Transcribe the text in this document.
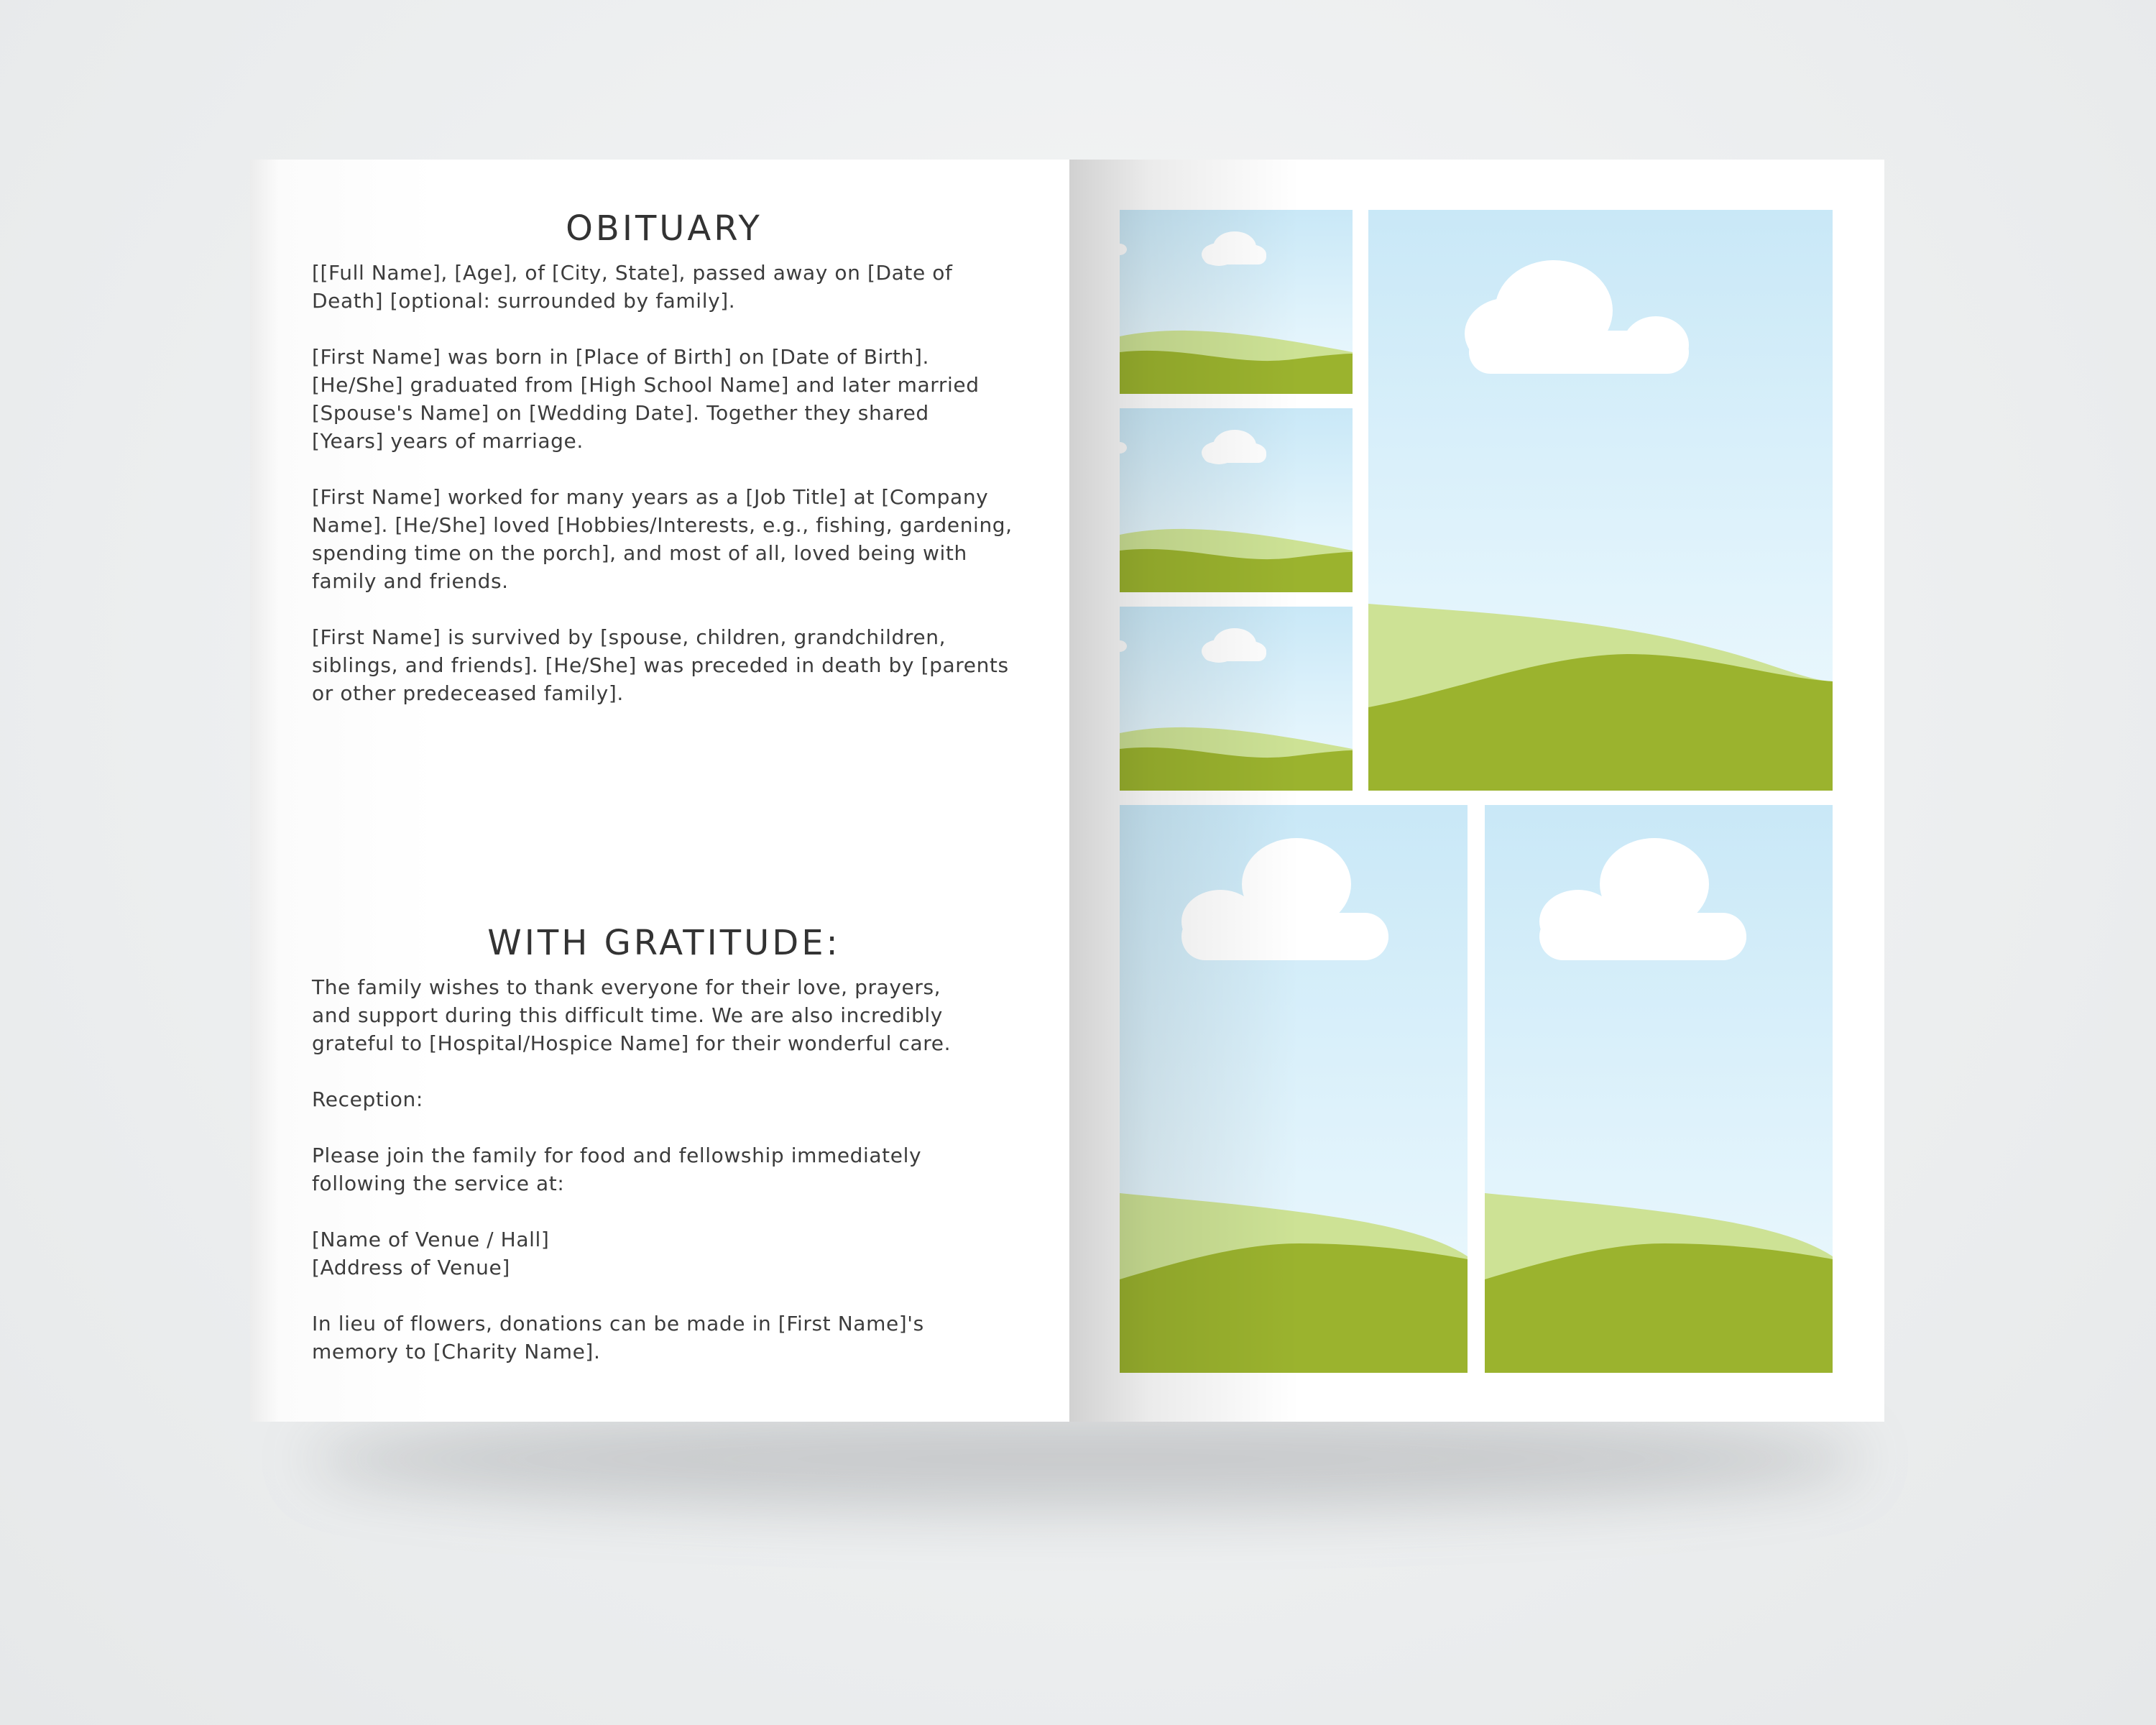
OBITUARY

[[Full Name], [Age], of [City, State], passed away on [Date of
Death] [optional: surrounded by family].

[First Name] was born in [Place of Birth] on [Date of Birth].
[He/She] graduated from [High School Name] and later married
[Spouse's Name] on [Wedding Date]. Together they shared
[Years] years of marriage.

[First Name] worked for many years as a [Job Title] at [Company
Name]. [He/She] loved [Hobbies/Interests, e.g., fishing, gardening,
spending time on the porch], and most of all, loved being with
family and friends.

[First Name] is survived by [spouse, children, grandchildren,
siblings, and friends]. [He/She] was preceded in death by [parents
or other predeceased family].

WITH GRATITUDE:

The family wishes to thank everyone for their love, prayers,
and support during this difficult time. We are also incredibly
grateful to [Hospital/Hospice Name] for their wonderful care.

Reception:

Please join the family for food and fellowship immediately
following the service at:

[Name of Venue / Hall]
[Address of Venue]

In lieu of flowers, donations can be made in [First Name]'s
memory to [Charity Name].
